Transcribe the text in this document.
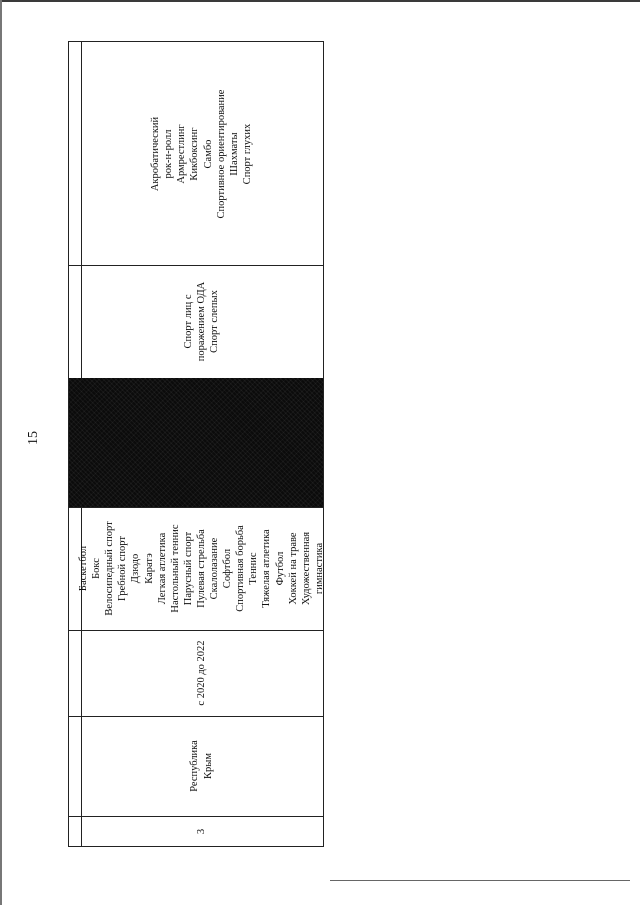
15
Акробатический рок-н-ролл Армрестлинг Кикбоксинг Самбо Спортивное ориентирование Шахматы Спорт глухих
Спорт лиц с поражением ОДА Спорт слепых
Баскетбол Бокс Велосипедный спорт Гребной спорт Дзюдо Каратэ Легкая атлетика Настольный теннис Парусный спорт Пулевая стрельба Скалолазание Софтбол Спортивная борьба Теннис Тяжелая атлетика Футбол Хоккей на траве Художественная гимнастика
с 2020 до 2022
Республика Крым
3
